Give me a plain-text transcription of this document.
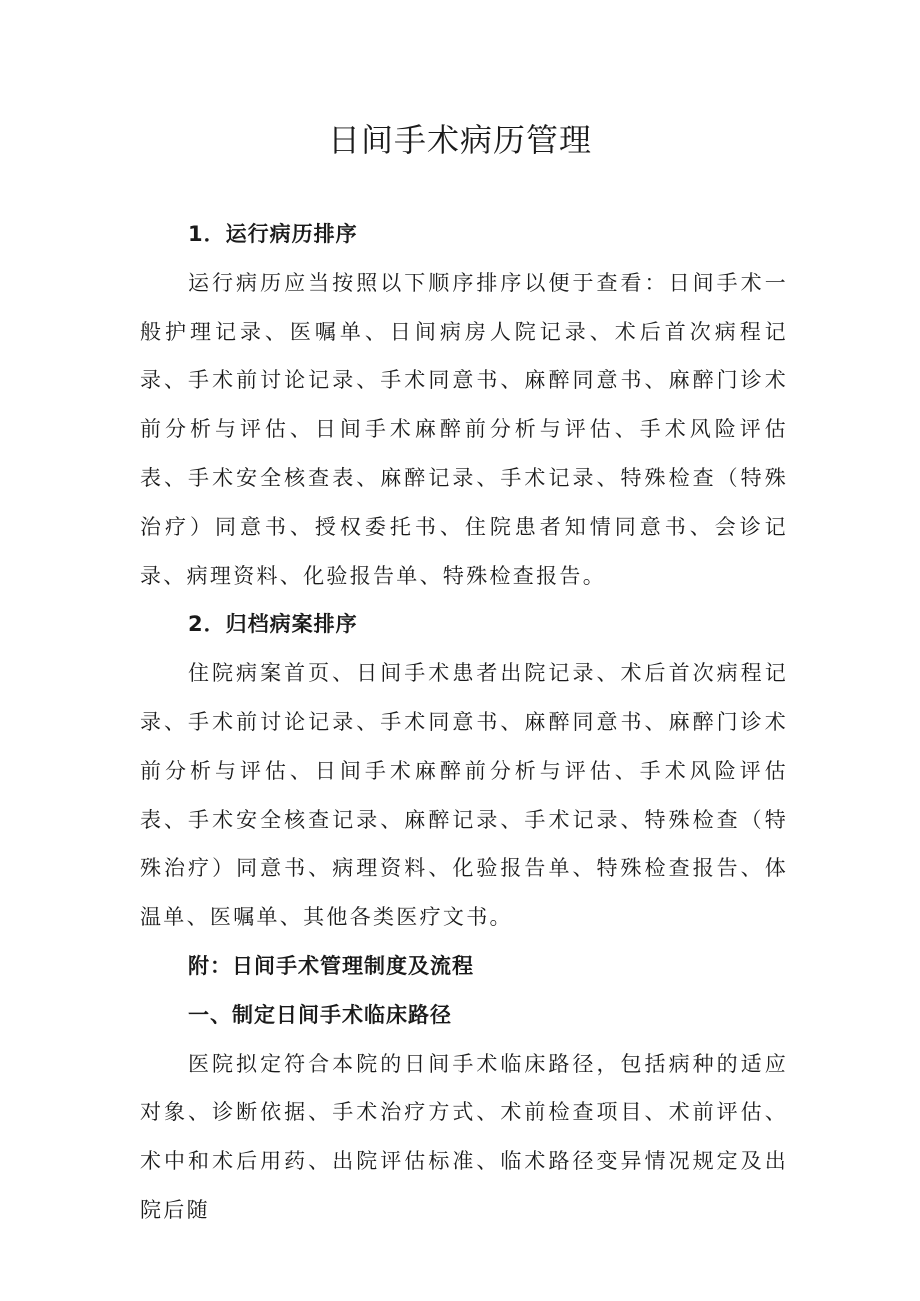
日间手术病历管理

1．运行病历排序

运行病历应当按照以下顺序排序以便于查看：日间手术一般护理记录、医嘱单、日间病房人院记录、术后首次病程记录、手术前讨论记录、手术同意书、麻醉同意书、麻醉门诊术前分析与评估、日间手术麻醉前分析与评估、手术风险评估表、手术安全核查表、麻醉记录、手术记录、特殊检查（特殊治疗）同意书、授权委托书、住院患者知情同意书、会诊记录、病理资料、化验报告单、特殊检查报告。

2．归档病案排序

住院病案首页、日间手术患者出院记录、术后首次病程记录、手术前讨论记录、手术同意书、麻醉同意书、麻醉门诊术前分析与评估、日间手术麻醉前分析与评估、手术风险评估表、手术安全核查记录、麻醉记录、手术记录、特殊检查（特殊治疗）同意书、病理资料、化验报告单、特殊检查报告、体温单、医嘱单、其他各类医疗文书。

附：日间手术管理制度及流程

一、制定日间手术临床路径

医院拟定符合本院的日间手术临床路径，包括病种的适应对象、诊断依据、手术治疗方式、术前检查项目、术前评估、术中和术后用药、出院评估标准、临术路径变异情况规定及出院后随
